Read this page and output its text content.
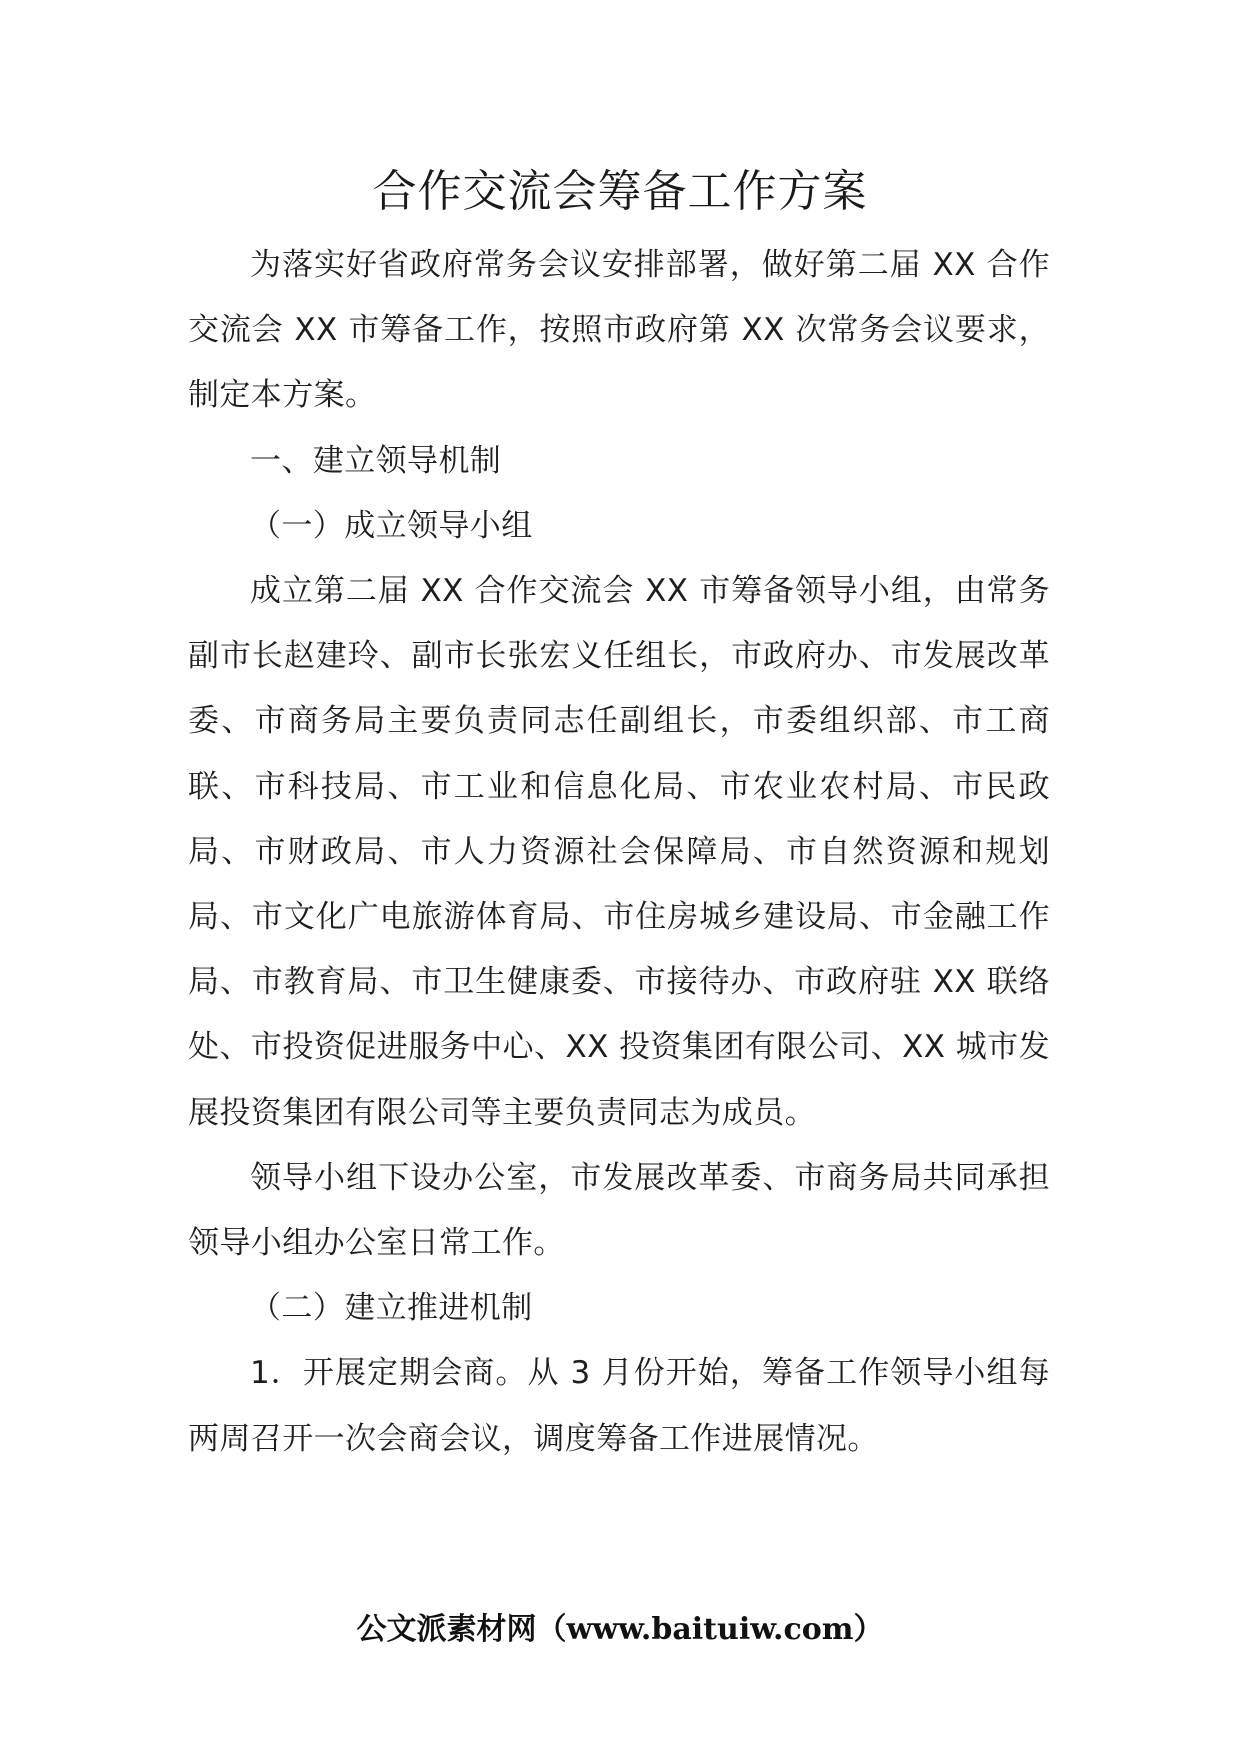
合作交流会筹备工作方案

为落实好省政府常务会议安排部署，做好第二届 XX 合作交流会 XX 市筹备工作，按照市政府第 XX 次常务会议要求，制定本方案。

一、建立领导机制

（一）成立领导小组

成立第二届 XX 合作交流会 XX 市筹备领导小组，由常务副市长赵建玲、副市长张宏义任组长，市政府办、市发展改革委、市商务局主要负责同志任副组长，市委组织部、市工商联、市科技局、市工业和信息化局、市农业农村局、市民政局、市财政局、市人力资源社会保障局、市自然资源和规划局、市文化广电旅游体育局、市住房城乡建设局、市金融工作局、市教育局、市卫生健康委、市接待办、市政府驻 XX 联络处、市投资促进服务中心、XX 投资集团有限公司、XX 城市发展投资集团有限公司等主要负责同志为成员。

领导小组下设办公室，市发展改革委、市商务局共同承担领导小组办公室日常工作。

（二）建立推进机制

1．开展定期会商。从 3 月份开始，筹备工作领导小组每两周召开一次会商会议，调度筹备工作进展情况。

公文派素材网（www.baituiw.com）
